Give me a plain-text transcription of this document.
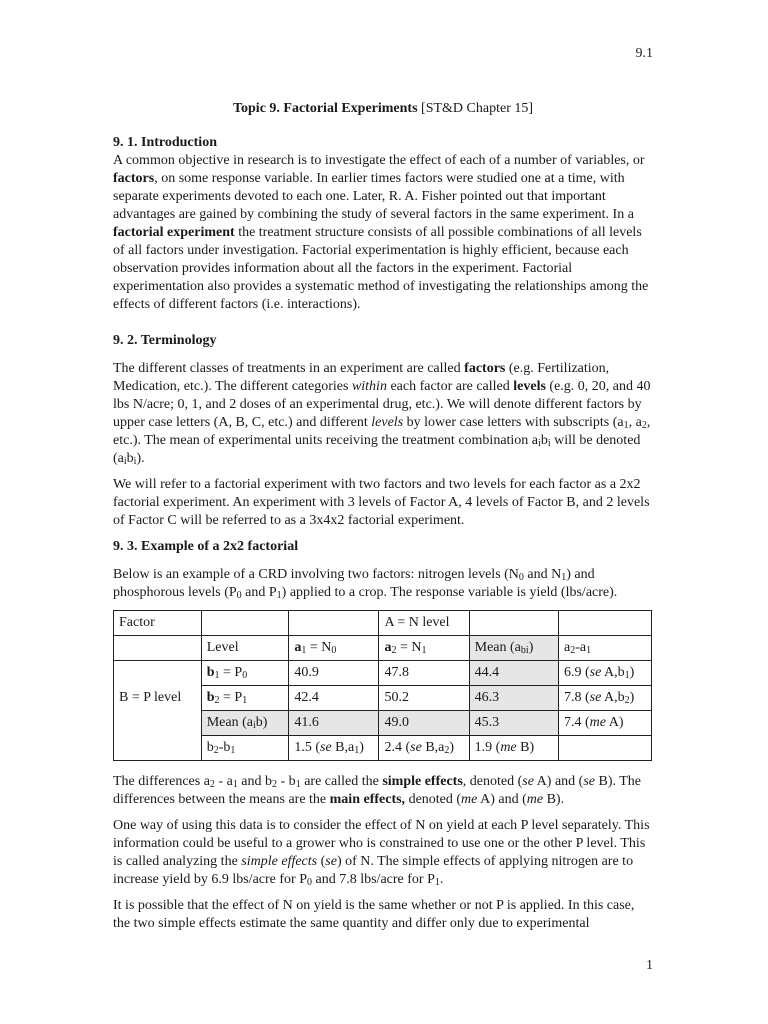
9.1
Topic 9. Factorial Experiments [ST&D Chapter 15]
9. 1. Introduction

A common objective in research is to investigate the effect of each of a number of variables, or factors, on some response variable. In earlier times factors were studied one at a time, with separate experiments devoted to each one. Later, R. A. Fisher pointed out that important advantages are gained by combining the study of several factors in the same experiment. In a factorial experiment the treatment structure consists of all possible combinations of all levels of all factors under investigation. Factorial experimentation is highly efficient, because each observation provides information about all the factors in the experiment. Factorial experimentation also provides a systematic method of investigating the relationships among the effects of different factors (i.e. interactions).

9. 2. Terminology

The different classes of treatments in an experiment are called factors (e.g. Fertilization, Medication, etc.). The different categories within each factor are called levels (e.g. 0, 20, and 40 lbs N/acre; 0, 1, and 2 doses of an experimental drug, etc.). We will denote different factors by upper case letters (A, B, C, etc.) and different levels by lower case letters with subscripts ($a_1$, $a_2$, etc.). The mean of experimental units receiving the treatment combination $a_ib_i$ will be denoted $(a_ib_i)$.

We will refer to a factorial experiment with two factors and two levels for each factor as a 2x2 factorial experiment. An experiment with 3 levels of Factor A, 4 levels of Factor B, and 2 levels of Factor C will be referred to as a 3x4x2 factorial experiment.

9. 3. Example of a 2x2 factorial

Below is an example of a CRD involving two factors: nitrogen levels ($N_0$ and $N_1$) and phosphorous levels ($P_0$ and $P_1$) applied to a crop. The response variable is yield (lbs/acre).

Factor			A = N level		
	Level	$a_1 = N_0$	$a_2 = N_1$	Mean $(a_{bi})$	$a_2-a_1$
	$b_1 = P_0$	40.9	47.8	44.4	6.9 (se $A,b_1$)
B = P level	$b_2 = P_1$	42.4	50.2	46.3	7.8 (se $A,b_2$)
	Mean $(a_ib)$	41.6	49.0	45.3	7.4 (me A)
	$b_2-b_1$	1.5 (se $B,a_1$)	2.4 (se $B,a_2$)	1.9 (me B)	

The differences $a_2 - a_1$ and $b_2 - b_1$ are called the simple effects, denoted (se A) and (se B). The differences between the means are the main effects, denoted (me A) and (me B).

One way of using this data is to consider the effect of N on yield at each P level separately. This information could be useful to a grower who is constrained to use one or the other P level. This is called analyzing the simple effects (se) of N. The simple effects of applying nitrogen are to increase yield by 6.9 lbs/acre for $P_0$ and 7.8 lbs/acre for $P_1$.

It is possible that the effect of N on yield is the same whether or not P is applied. In this case, the two simple effects estimate the same quantity and differ only due to experimental

1
